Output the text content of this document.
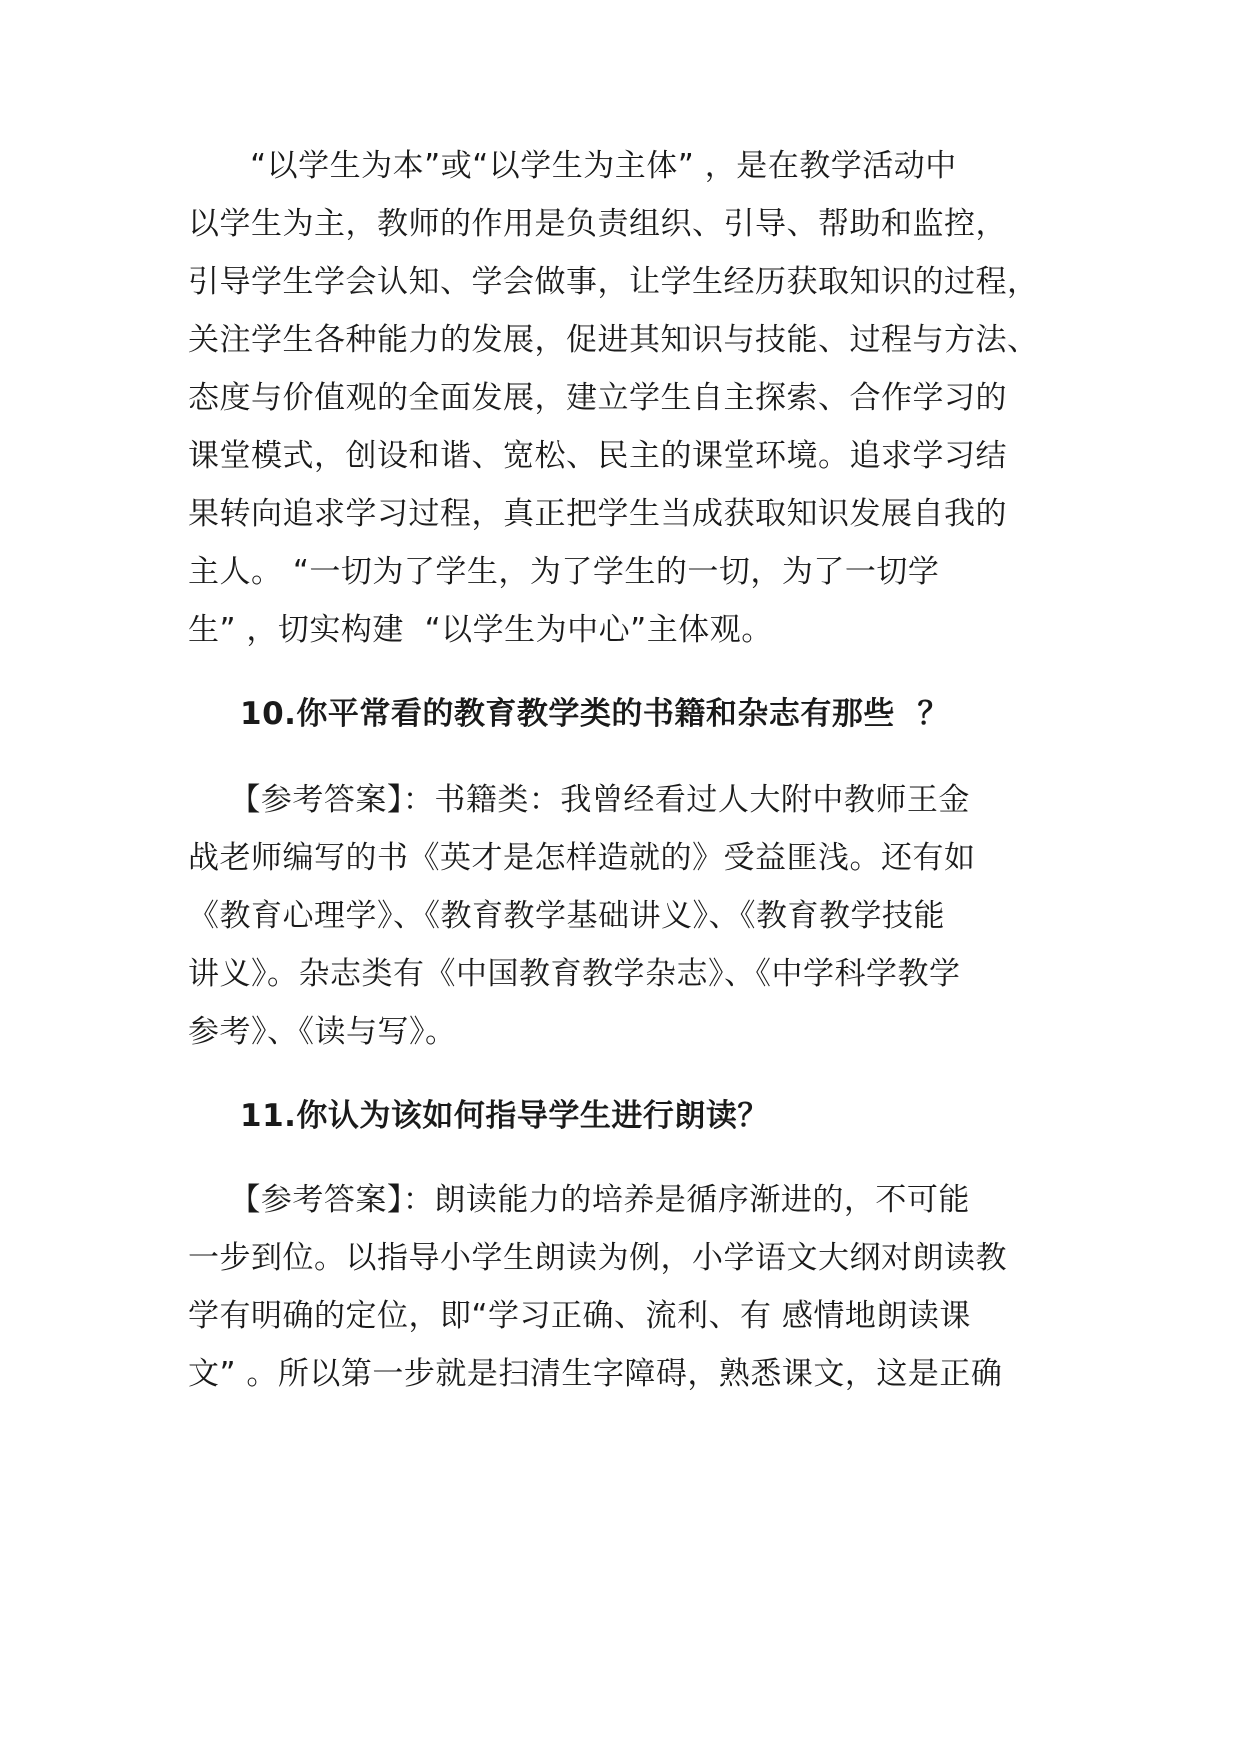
“以学生为本”或“以学生为主体” ，是在教学活动中
以学生为主，教师的作用是负责组织、引导、帮助和监控，
引导学生学会认知、学会做事，让学生经历获取知识的过程，
关注学生各种能力的发展，促进其知识与技能、过程与方法、
态度与价值观的全面发展，建立学生自主探索、合作学习的
课堂模式，创设和谐、宽松、民主的课堂环境。追求学习结
果转向追求学习过程，真正把学生当成获取知识发展自我的
主人。 “一切为了学生，为了学生的一切，为了一切学
生” ，切实构建  “以学生为中心”主体观。
10.你平常看的教育教学类的书籍和杂志有那些  ？
【参考答案】：书籍类：我曾经看过人大附中教师王金
战老师编写的书《英才是怎样造就的》受益匪浅。还有如
《教育心理学》、《教育教学基础讲义》、《教育教学技能
讲义》。杂志类有《中国教育教学杂志》、《中学科学教学
参考》、《读与写》。
11.你认为该如何指导学生进行朗读？
【参考答案】：朗读能力的培养是循序渐进的，不可能
一步到位。以指导小学生朗读为例，小学语文大纲对朗读教
学有明确的定位，即“学习正确、流利、有 感情地朗读课
文” 。所以第一步就是扫清生字障碍，熟悉课文，这是正确
